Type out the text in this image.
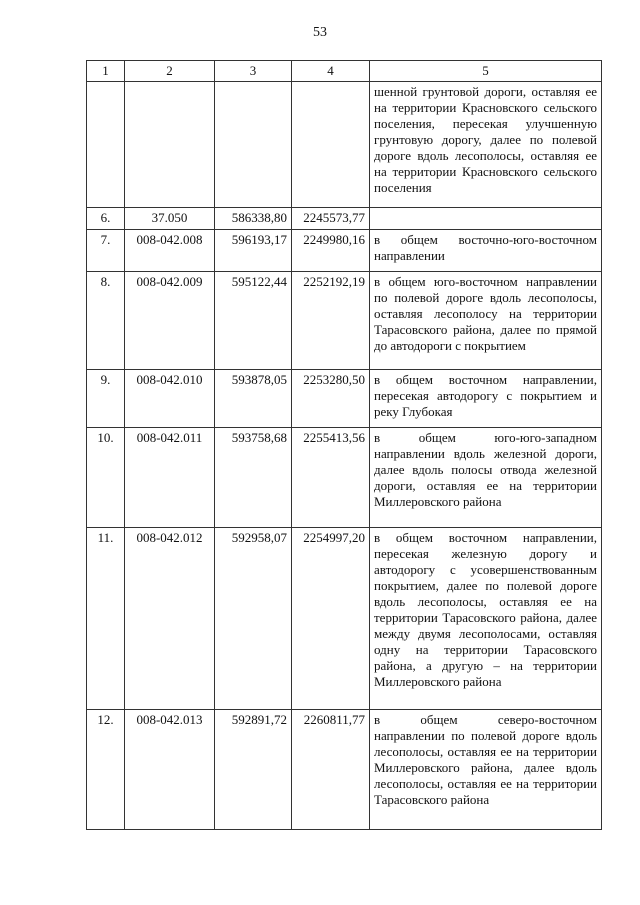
53
1	2	3	4	5
				шенной грунтовой дороги, оставляя ее на территории Красновского сельского поселения, пересекая улучшенную грунтовую дорогу, далее по полевой дороге вдоль лесополосы, оставляя ее на территории Красновского сельского поселения
6.	37.050	586338,80	2245573,77	
7.	008-042.008	596193,17	2249980,16	в общем восточно-юго-восточном направлении
8.	008-042.009	595122,44	2252192,19	в общем юго-восточном направлении по полевой дороге вдоль лесополосы, оставляя лесополосу на территории Тарасовского района, далее по прямой до автодороги с покрытием
9.	008-042.010	593878,05	2253280,50	в общем восточном направлении, пересекая автодорогу с покрытием и реку Глубокая
10.	008-042.011	593758,68	2255413,56	в общем юго-юго-западном направлении вдоль железной дороги, далее вдоль полосы отвода железной дороги, оставляя ее на территории Миллеровского района
11.	008-042.012	592958,07	2254997,20	в общем восточном направлении, пересекая железную дорогу и автодорогу с усовершенствованным покрытием, далее по полевой дороге вдоль лесополосы, оставляя ее на территории Тарасовского района, далее между двумя лесополосами, оставляя одну на территории Тарасовского района, а другую – на территории Миллеровского района
12.	008-042.013	592891,72	2260811,77	в общем северо-восточном направлении по полевой дороге вдоль лесополосы, оставляя ее на территории Миллеровского района, далее вдоль лесополосы, оставляя ее на территории Тарасовского района
